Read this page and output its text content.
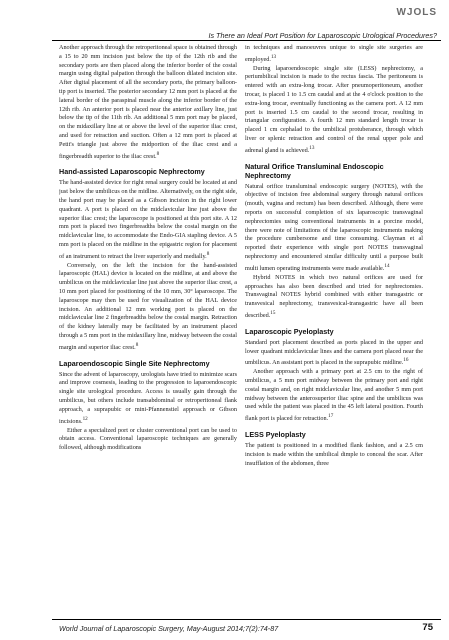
WJOLS
Is There an Ideal Port Position for Laparoscopic Urological Procedures?

Another approach through the retroperitoneal space is obtained through a 15 to 20 mm incision just below the tip of the 12th rib and the secondary ports are then placed along the inferior border of the costal margin using digital palpation through the balloon dilated incision site. After digital placement of all the secondary ports, the primary balloon-tip port is inserted. The posterior secondary 12 mm port is placed at the lateral border of the paraspinal muscle along the inferior border of the 12th rib. An anterior port is placed near the anterior axillary line, just below the tip of the 11th rib. An additional 5 mm port may be placed, on the midaxillary line at or above the level of the superior iliac crest, and used for retraction and suction. Often a 12 mm port is placed at Petit's triangle just above the midportion of the iliac crest and a fingerbreadth superior to the iliac crest.$^8$

Hand-assisted Laparoscopic Nephrectomy

The hand-assisted device for right renal surgery could be located at and just below the umbilicus on the midline. Alternatively, on the right side, the hand port may be placed as a Gibson incision in the right lower quadrant. A port is placed on the midclavicular line just above the superior iliac crest; the laparoscope is positioned at this port site. A 12 mm port is placed two fingerbreadths below the costal margin on the midclavicular line, to accommodate the Endo-GIA stapling device. A 5 mm port is placed on the midline in the epigastric region for placement of an instrument to retract the liver superiorly and medially.$^8$

Conversely, on the left the incision for the hand-assisted laparoscopic (HAL) device is located on the midline, at and above the umbilicus on the midclavicular line just above the superior iliac crest, a 10 mm port placed for positioning of the 10 mm, 30° laparoscope. The laparoscope may then be used for visualization of the HAL device incision. An additional 12 mm working port is placed on the midclavicular line 2 fingerbreadths below the costal margin. Retraction of the kidney laterally may be facilitated by an instrument placed through a 5 mm port in the midaxillary line, midway between the costal margin and superior iliac crest.$^8$

Laparoendoscopic Single Site Nephrectomy

Since the advent of laparoscopy, urologists have tried to minimize scars and improve cosmesis, leading to the progression to laparoendoscopic single site urological procedure. Access is usually gain through the umbilicus, but others include transabdominal or retroperitoneal flank approach, a suprapubic or mini-Pfannenstiel approach or Gibson incisions.$^{12}$

Either a specialized port or cluster conventional port can be used to obtain access. Conventional laparoscopic techniques are generally followed, although modifications

in techniques and manoeuvres unique to single site surgeries are employed.$^{13}$

During laparoendoscopic single site (LESS) nephrectomy, a periumbilical incision is made to the rectus fascia. The peritoneum is entered with an extra-long trocar. After pneumoperitoneum, another trocar, is placed 1 to 1.5 cm caudal and at the 4 o'clock position to the extra-long trocar, eventually functioning as the camera port. A 12 mm port is inserted 1.5 cm caudal to the second trocar, resulting in triangular configuration. A fourth 12 mm standard length trocar is placed 1 cm cephalad to the umbilical protuberance, through which liver or splenic retraction and control of the renal upper pole and adrenal gland is achieved.$^{13}$

Natural Orifice Transluminal Endoscopic Nephrectomy

Natural orifice transluminal endoscopic surgery (NOTES), with the objective of incision free abdominal surgery through natural orifices (mouth, vagina and rectum) has been described. Although, there were reports on successful completion of six laparoscopic transvaginal nephrectomies using conventional instruments in a porcine model, there were note of limitations of the laparoscopic instruments making the procedure cumbersome and time consuming. Clayman et al reported their experience with single port NOTES transvaginal nephrectomy and encountered similar difficulty until a purpose built multi lumen operating instruments were made available.$^{14}$

Hybrid NOTES in which two natural orifices are used for approaches has also been described and tried for nephrectomies. Transvaginal NOTES hybrid combined with either transgastric or transvesical nephrectomy, transvesical-transgastric have all been described.$^{15}$

Laparoscopic Pyeloplasty

Standard port placement described as ports placed in the upper and lower quadrant midclavicular lines and the camera port placed near the umbilicus. An assistant port is placed in the suprapubic midline.$^{16}$

Another approach with a primary port at 2.5 cm to the right of umbilicus, a 5 mm port midway between the primary port and right costal margin and, on right midclavicular line, and another 5 mm port midway between the anterosuperior iliac spine and the umbilicus was used while the patient was placed in the 45 left lateral position. Fourth flank port is placed for retraction.$^{17}$

LESS Pyeloplasty

The patient is positioned in a modified flank fashion, and a 2.5 cm incision is made within the umbilical dimple to conceal the scar. After insufflation of the abdomen, three

World Journal of Laparoscopic Surgery, May-August 2014;7(2):74-87	75
